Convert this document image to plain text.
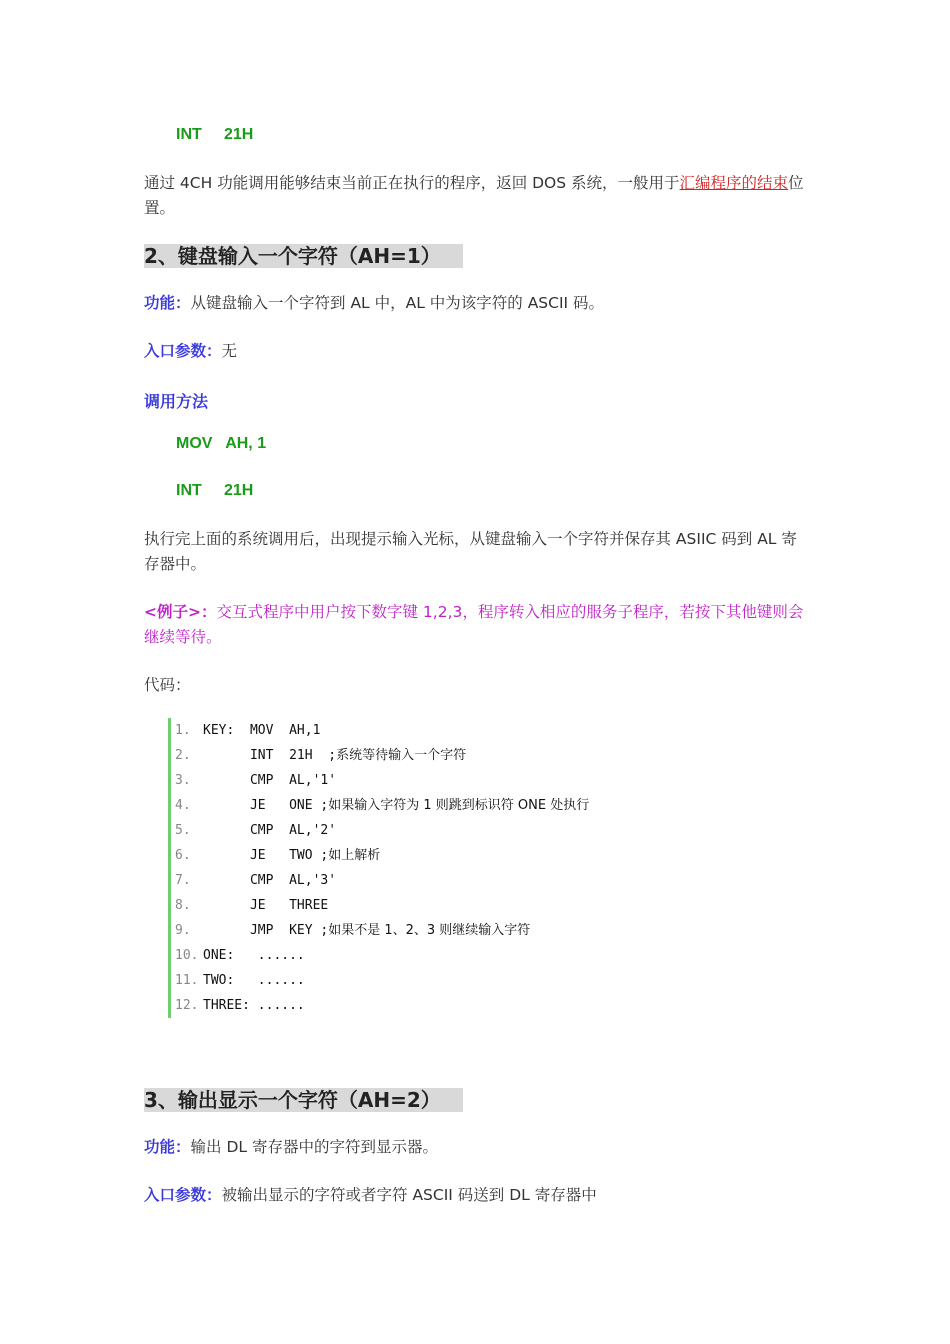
INT     21H
通过 4CH 功能调用能够结束当前正在执行的程序，返回 DOS 系统，一般用于汇编程序的结束位置。
2、键盘输入一个字符（AH=1）
功能：从键盘输入一个字符到 AL 中，AL 中为该字符的 ASCII 码。
入口参数：无
调用方法
MOV   AH, 1
INT     21H
执行完上面的系统调用后，出现提示输入光标，从键盘输入一个字符并保存其 ASIIC 码到 AL 寄存器中。
<例子>：交互式程序中用户按下数字键 1,2,3，程序转入相应的服务子程序，若按下其他键则会继续等待。
代码：
1. KEY:  MOV  AH,1
2. INT  21H  ; 系统等待输入一个字符
3. CMP  AL,'1'
4. JE   ONE ; 如果输入字符为 1 则跳到标识符 ONE 处执行
5. CMP  AL,'2'
6. JE   TWO ; 如上解析
7. CMP  AL,'3'
8. JE   THREE
9. JMP  KEY ; 如果不是 1、2、3 则继续输入字符
10. ONE:   ......
11. TWO:   ......
12. THREE: ......
3、输出显示一个字符（AH=2）
功能：输出 DL 寄存器中的字符到显示器。
入口参数：被输出显示的字符或者字符 ASCII 码送到 DL 寄存器中
